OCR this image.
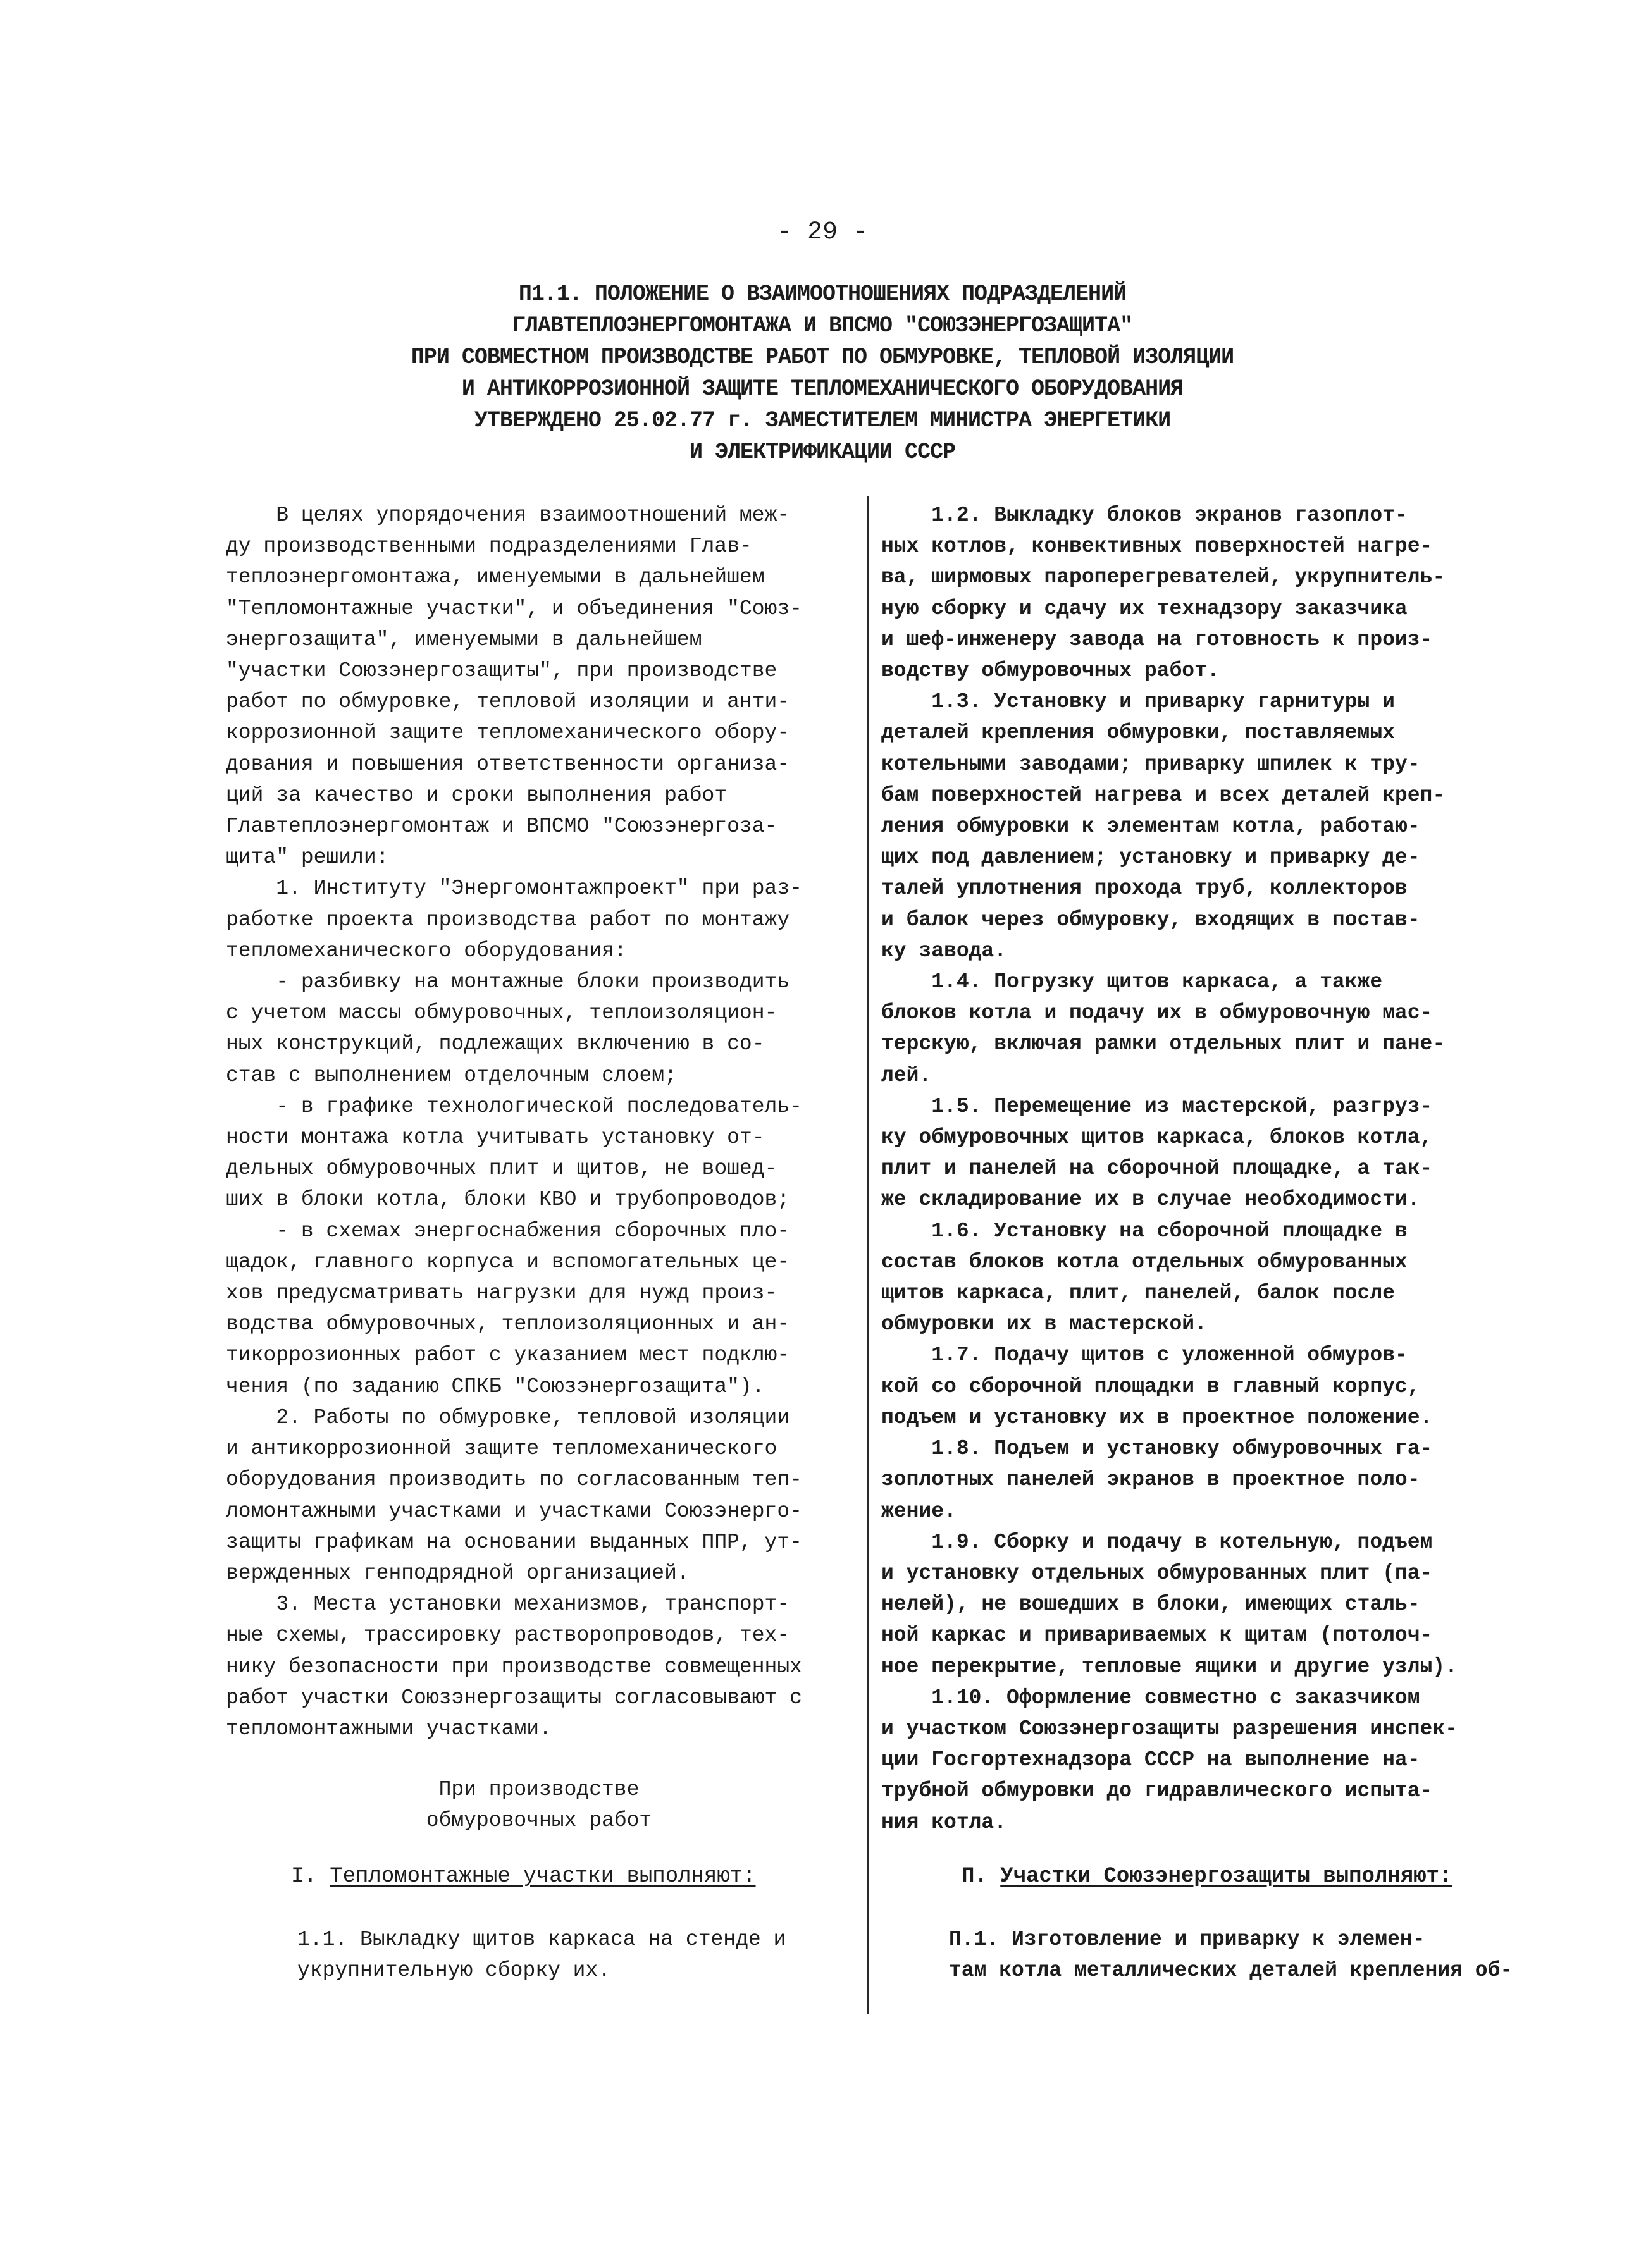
- 29 -
П1.1. ПОЛОЖЕНИЕ О ВЗАИМООТНОШЕНИЯХ ПОДРАЗДЕЛЕНИЙ
ГЛАВТЕПЛОЭНЕРГОМОНТАЖА И ВПСМО "СОЮЗЭНЕРГОЗАЩИТА"
ПРИ СОВМЕСТНОМ ПРОИЗВОДСТВЕ РАБОТ ПО ОБМУРОВКЕ, ТЕПЛОВОЙ ИЗОЛЯЦИИ
И АНТИКОРРОЗИОННОЙ ЗАЩИТЕ ТЕПЛОМЕХАНИЧЕСКОГО ОБОРУДОВАНИЯ
УТВЕРЖДЕНО 25.02.77 г. ЗАМЕСТИТЕЛЕМ МИНИСТРА ЭНЕРГЕТИКИ
И ЭЛЕКТРИФИКАЦИИ СССР
В целях упорядочения взаимоотношений меж-
ду производственными подразделениями Глав-
теплоэнергомонтажа, именуемыми в дальнейшем
"Тепломонтажные участки", и объединения "Союз-
энергозащита", именуемыми в дальнейшем
"участки Союзэнергозащиты", при производстве
работ по обмуровке, тепловой изоляции и анти-
коррозионной защите тепломеханического обору-
дования и повышения ответственности организа-
ций за качество и сроки выполнения работ
Главтеплоэнергомонтаж и ВПСМО "Союзэнергоза-
щита" решили:
1. Институту "Энергомонтажпроект" при раз-
работке проекта производства работ по монтажу
тепломеханического оборудования:
- разбивку на монтажные блоки производить
с учетом массы обмуровочных, теплоизоляцион-
ных конструкций, подлежащих включению в со-
став с выполнением отделочным слоем;
- в графике технологической последователь-
ности монтажа котла учитывать установку от-
дельных обмуровочных плит и щитов, не вошед-
ших в блоки котла, блоки КВО и трубопроводов;
- в схемах энергоснабжения сборочных пло-
щадок, главного корпуса и вспомогательных це-
хов предусматривать нагрузки для нужд произ-
водства обмуровочных, теплоизоляционных и ан-
тикоррозионных работ с указанием мест подклю-
чения (по заданию СПКБ "Союзэнергозащита").
2. Работы по обмуровке, тепловой изоляции
и антикоррозионной защите тепломеханического
оборудования производить по согласованным теп-
ломонтажными участками и участками Союзэнерго-
защиты графикам на основании выданных ППР, ут-
вержденных генподрядной организацией.
3. Места установки механизмов, транспорт-
ные схемы, трассировку растворопроводов, тех-
нику безопасности при производстве совмещенных
работ участки Союзэнергозащиты согласовывают с
тепломонтажными участками.
1.2. Выкладку блоков экранов газоплот-
ных котлов, конвективных поверхностей нагре-
ва, ширмовых пароперегревателей, укрупнитель-
ную сборку и сдачу их технадзору заказчика
и шеф-инженеру завода на готовность к произ-
водству обмуровочных работ.
1.3. Установку и приварку гарнитуры и
деталей крепления обмуровки, поставляемых
котельными заводами; приварку шпилек к тру-
бам поверхностей нагрева и всех деталей креп-
ления обмуровки к элементам котла, работаю-
щих под давлением; установку и приварку де-
талей уплотнения прохода труб, коллекторов
и балок через обмуровку, входящих в постав-
ку завода.
1.4. Погрузку щитов каркаса, а также
блоков котла и подачу их в обмуровочную мас-
терскую, включая рамки отдельных плит и пане-
лей.
1.5. Перемещение из мастерской, разгруз-
ку обмуровочных щитов каркаса, блоков котла,
плит и панелей на сборочной площадке, а так-
же складирование их в случае необходимости.
1.6. Установку на сборочной площадке в
состав блоков котла отдельных обмурованных
щитов каркаса, плит, панелей, балок после
обмуровки их в мастерской.
1.7. Подачу щитов с уложенной обмуров-
кой со сборочной площадки в главный корпус,
подъем и установку их в проектное положение.
1.8. Подъем и установку обмуровочных га-
зоплотных панелей экранов в проектное поло-
жение.
1.9. Сборку и подачу в котельную, подъем
и установку отдельных обмурованных плит (па-
нелей), не вошедших в блоки, имеющих сталь-
ной каркас и привариваемых к щитам (потолоч-
ное перекрытие, тепловые ящики и другие узлы).
1.10. Оформление совместно с заказчиком
и участком Союзэнергозащиты разрешения инспек-
ции Госгортехнадзора СССР на выполнение на-
трубной обмуровки до гидравлического испыта-
ния котла.
При производстве
обмуровочных работ
I. Тепломонтажные участки выполняют:	П. Участки Союзэнергозащиты выполняют:
1.1. Выкладку щитов каркаса на стенде и
укрупнительную сборку их.
П.1. Изготовление и приварку к элемен-
там котла металлических деталей крепления об-
